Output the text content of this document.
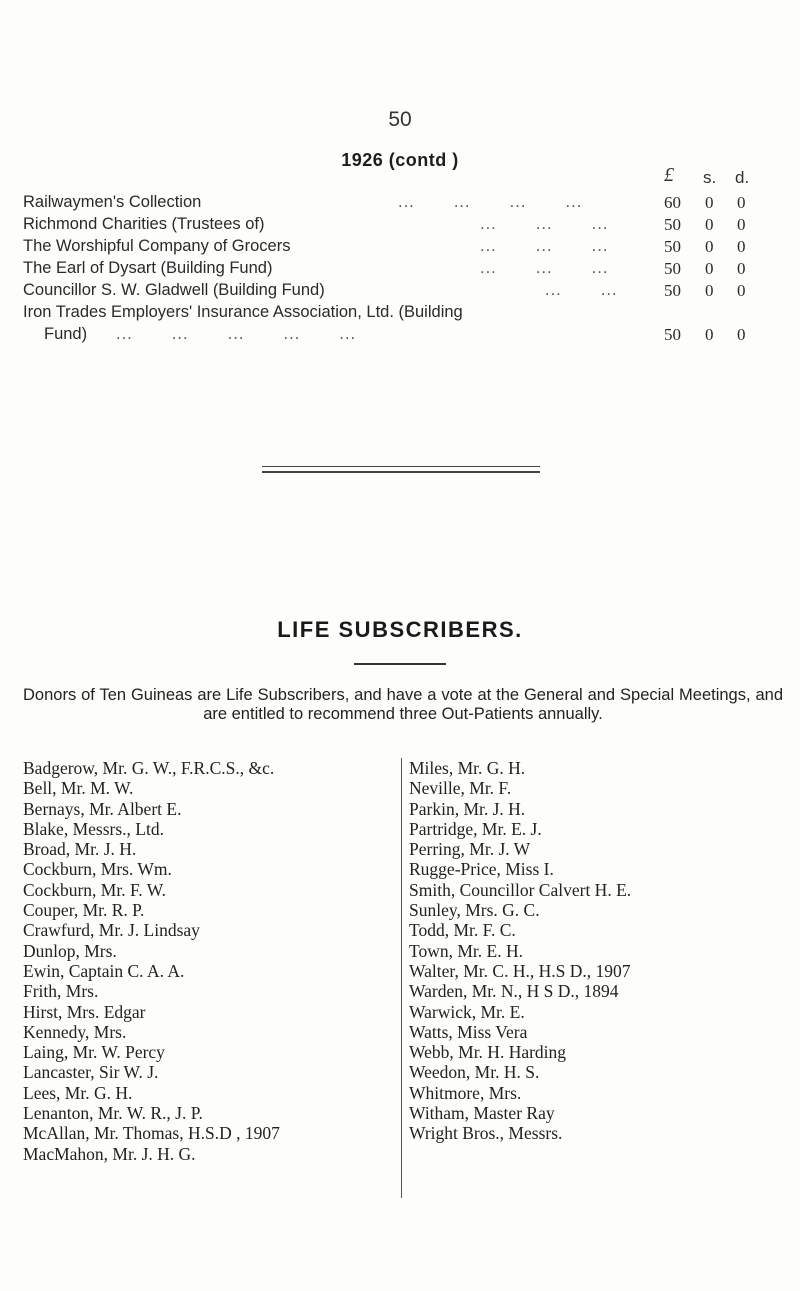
50
1926 (contd )
£ s. d.
Railwaymen's Collection	...       ...       ...       ...	60 0 0
Richmond Charities (Trustees of)	...       ...       ...	50 0 0
The Worshipful Company of Grocers	...       ...       ...	50 0 0
The Earl of Dysart (Building Fund)	...       ...       ...	50 0 0
Councillor S. W. Gladwell (Building Fund)	...       ...	50 0 0
Iron Trades Employers' Insurance Association, Ltd. (Building
Fund) ...       ...       ...       ...       ...	50 0 0
LIFE SUBSCRIBERS.
Donors of Ten Guineas are Life Subscribers, and have a vote at the General and Special Meetings, and are entitled to recommend three Out-Patients annually.
Badgerow, Mr. G. W., F.R.C.S., &c.
Bell, Mr. M. W.
Bernays, Mr. Albert E.
Blake, Messrs., Ltd.
Broad, Mr. J. H.
Cockburn, Mrs. Wm.
Cockburn, Mr. F. W.
Couper, Mr. R. P.
Crawfurd, Mr. J. Lindsay
Dunlop, Mrs.
Ewin, Captain C. A. A.
Frith, Mrs.
Hirst, Mrs. Edgar
Kennedy, Mrs.
Laing, Mr. W. Percy
Lancaster, Sir W. J.
Lees, Mr. G. H.
Lenanton, Mr. W. R., J. P.
McAllan, Mr. Thomas, H.S.D , 1907
MacMahon, Mr. J. H. G.
Miles, Mr. G. H.
Neville, Mr. F.
Parkin, Mr. J. H.
Partridge, Mr. E. J.
Perring, Mr. J. W
Rugge-Price, Miss I.
Smith, Councillor Calvert H. E.
Sunley, Mrs. G. C.
Todd, Mr. F. C.
Town, Mr. E. H.
Walter, Mr. C. H., H.S D., 1907
Warden, Mr. N., H S D., 1894
Warwick, Mr. E.
Watts, Miss Vera
Webb, Mr. H. Harding
Weedon, Mr. H. S.
Whitmore, Mrs.
Witham, Master Ray
Wright Bros., Messrs.
